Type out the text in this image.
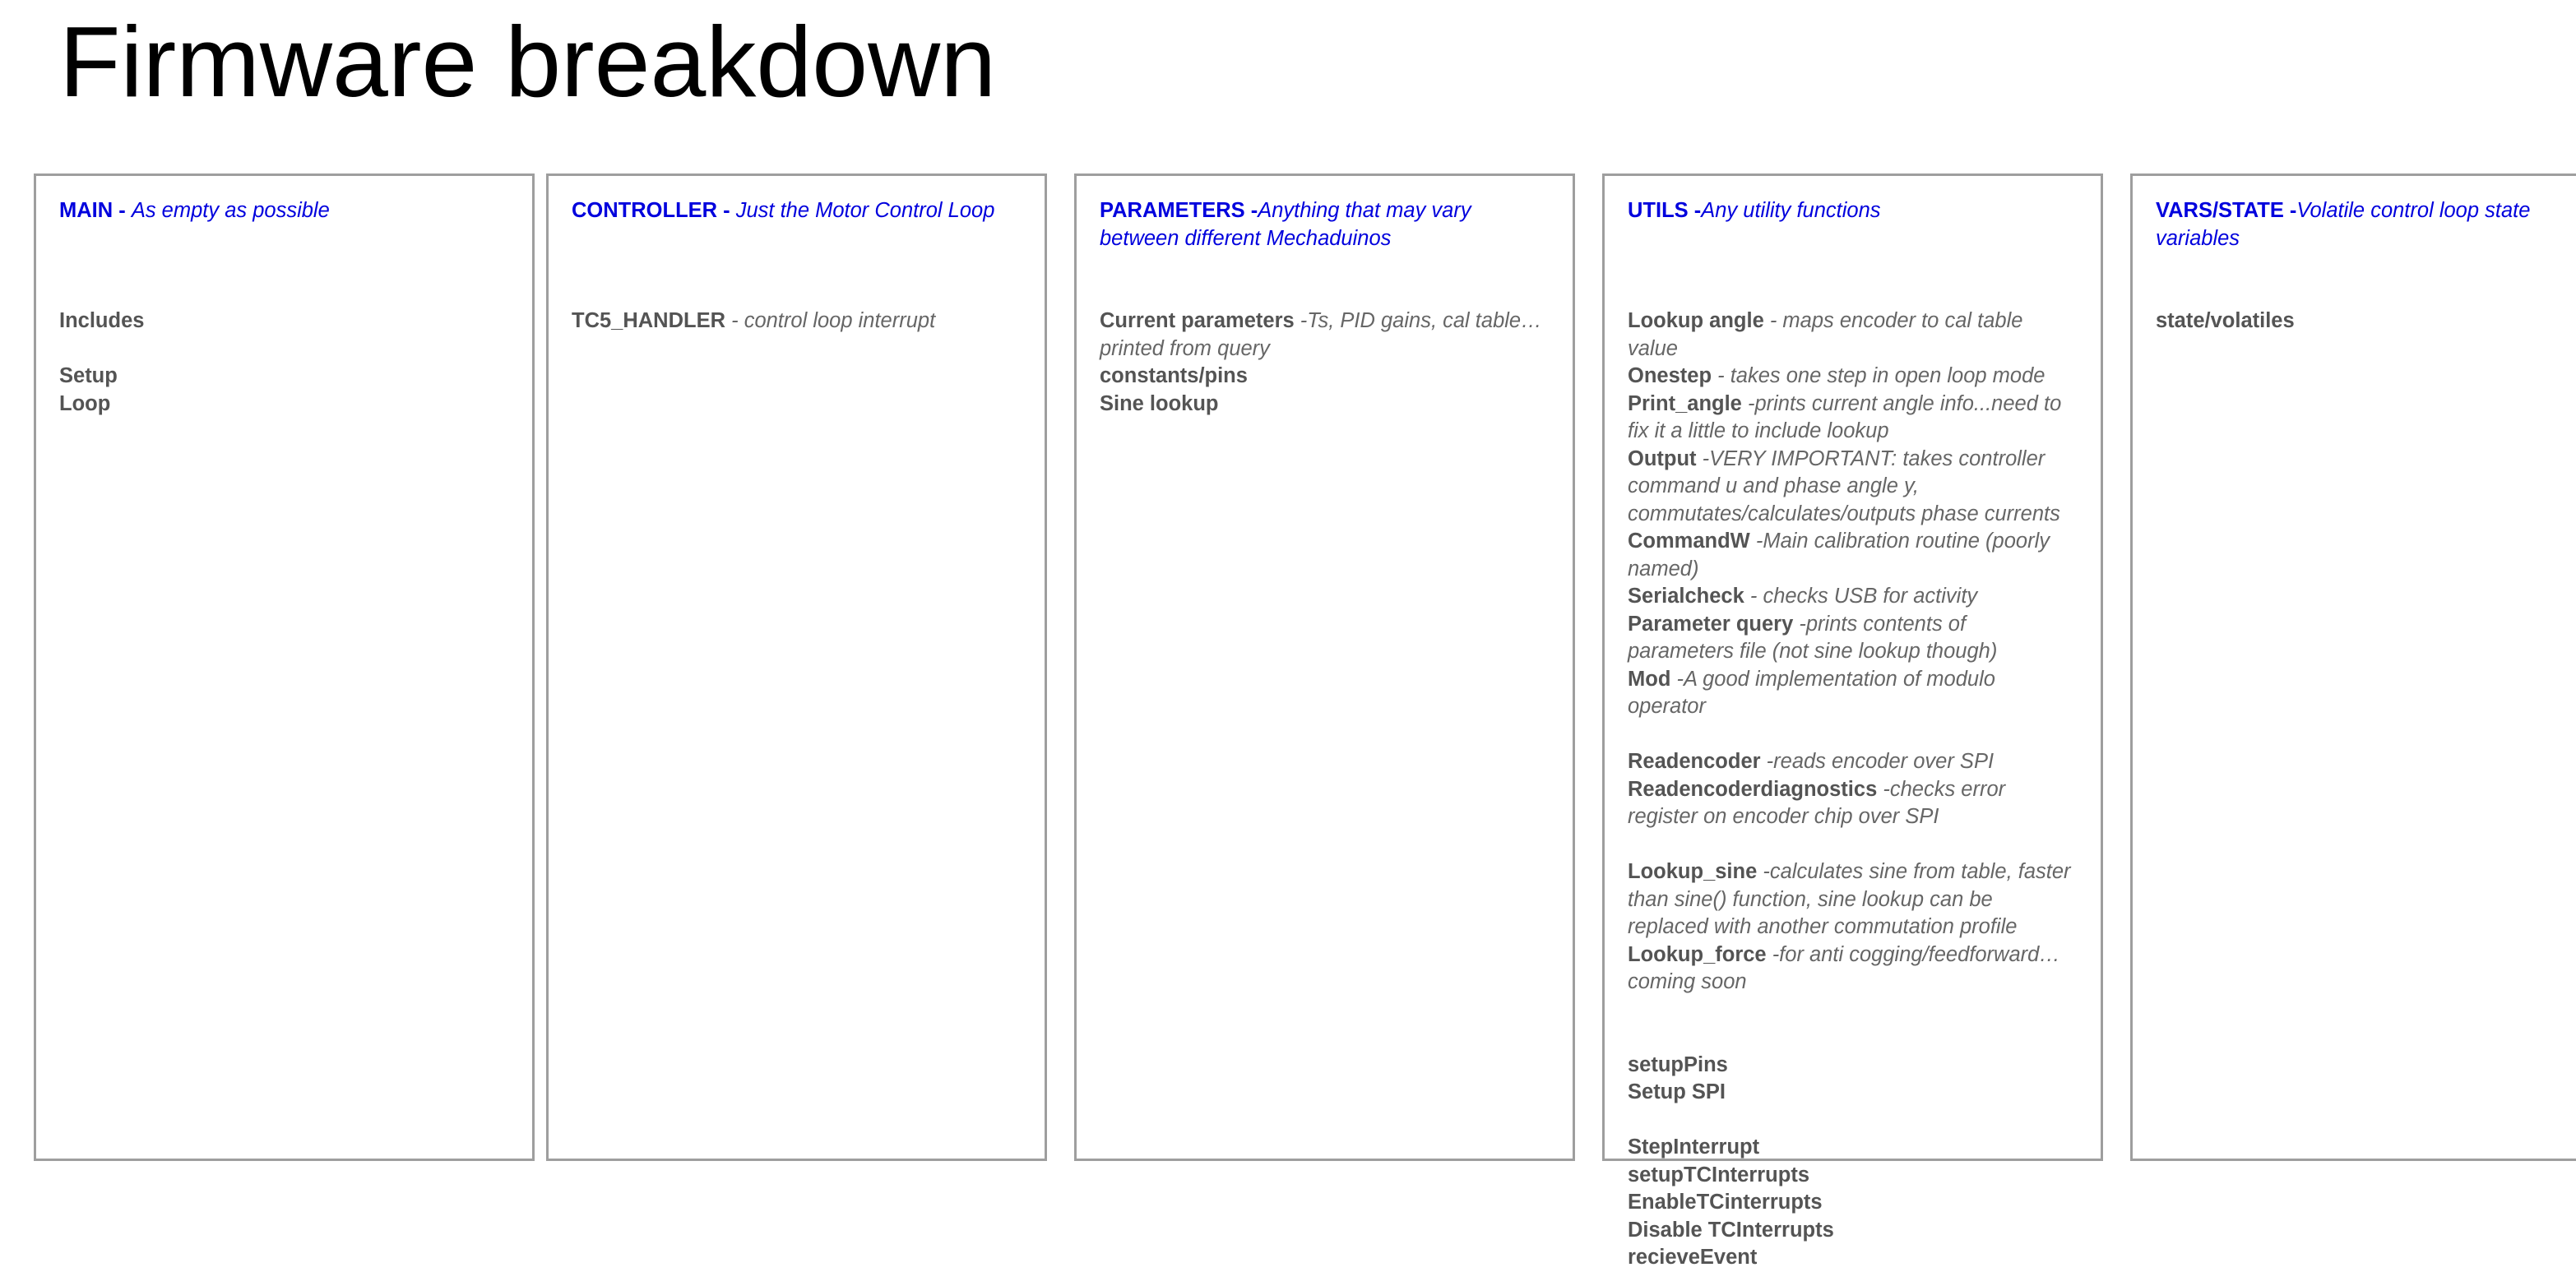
Firmware breakdown

MAIN - As empty as possible

Includes

Setup

Loop

CONTROLLER - Just the Motor Control Loop

TC5_HANDLER - control loop interrupt

PARAMETERS -Anything that may vary between different Mechaduinos

Current parameters -Ts, PID gains, cal table… printed from query

constants/pins

Sine lookup

UTILS -Any utility functions

Lookup angle - maps encoder to cal table value

Onestep - takes one step in open loop mode

Print_angle -prints current angle info...need to fix it a little to include lookup

Output -VERY IMPORTANT: takes controller command u and phase angle y, commutates/calculates/outputs phase currents

CommandW -Main calibration routine (poorly named)

Serialcheck - checks USB for activity

Parameter query -prints contents of parameters file (not sine lookup though)

Mod -A good implementation of modulo operator

Readencoder -reads encoder over SPI

Readencoderdiagnostics -checks error register on encoder chip over SPI

Lookup_sine -calculates sine from table, faster than sine() function, sine lookup can be replaced with another commutation profile

Lookup_force -for anti cogging/feedforward… coming soon

setupPins

Setup SPI

StepInterrupt

setupTCInterrupts

EnableTCinterrupts

Disable TCInterrupts

recieveEvent

VARS/STATE -Volatile control loop state variables

state/volatiles
